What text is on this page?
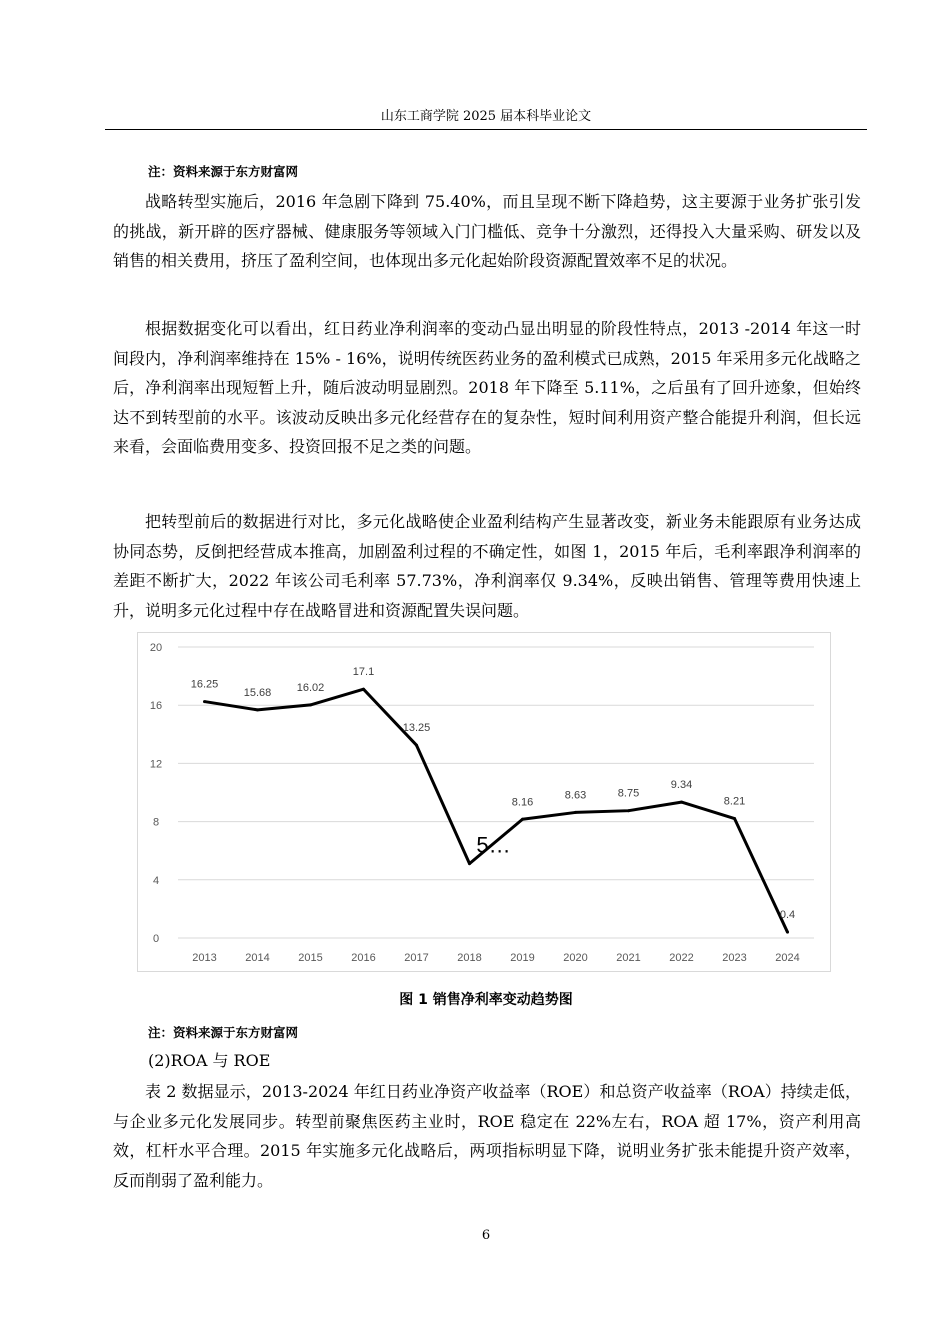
山东工商学院 2025 届本科毕业论文
注：资料来源于东方财富网

战略转型实施后，2016 年急剧下降到 75.40%，而且呈现不断下降趋势，这主要源于业务扩张引发的挑战，新开辟的医疗器械、健康服务等领域入门门槛低、竞争十分激烈，还得投入大量采购、研发以及销售的相关费用，挤压了盈利空间，也体现出多元化起始阶段资源配置效率不足的状况。

根据数据变化可以看出，红日药业净利润率的变动凸显出明显的阶段性特点，2013 -2014 年这一时间段内，净利润率维持在 15% - 16%，说明传统医药业务的盈利模式已成熟，2015 年采用多元化战略之后，净利润率出现短暂上升，随后波动明显剧烈。2018 年下降至 5.11%，之后虽有了回升迹象，但始终达不到转型前的水平。该波动反映出多元化经营存在的复杂性，短时间利用资产整合能提升利润，但长远来看，会面临费用变多、投资回报不足之类的问题。

把转型前后的数据进行对比，多元化战略使企业盈利结构产生显著改变，新业务未能跟原有业务达成协同态势，反倒把经营成本推高，加剧盈利过程的不确定性，如图 1，2015 年后，毛利率跟净利润率的差距不断扩大，2022 年该公司毛利率 57.73%，净利润率仅 9.34%，反映出销售、管理等费用快速上升，说明多元化过程中存在战略冒进和资源配置失误问题。

0
4
8
12
16
20
2013	2014	2015	2016	2017	2018	2019	2020	2021	2022	2023	2024
16.25
15.68 16.02
17.1
13.25
5…
8.16
8.63	8.75
9.34
8.21
0.4
图 1 销售净利率变动趋势图
注：资料来源于东方财富网
(2)ROA 与 ROE

表 2 数据显示，2013-2024 年红日药业净资产收益率（ROE）和总资产收益率（ROA）持续走低，与企业多元化发展同步。转型前聚焦医药主业时，ROE 稳定在 22%左右，ROA 超 17%，资产利用高效，杠杆水平合理。2015 年实施多元化战略后，两项指标明显下降，说明业务扩张未能提升资产效率，反而削弱了盈利能力。

6
